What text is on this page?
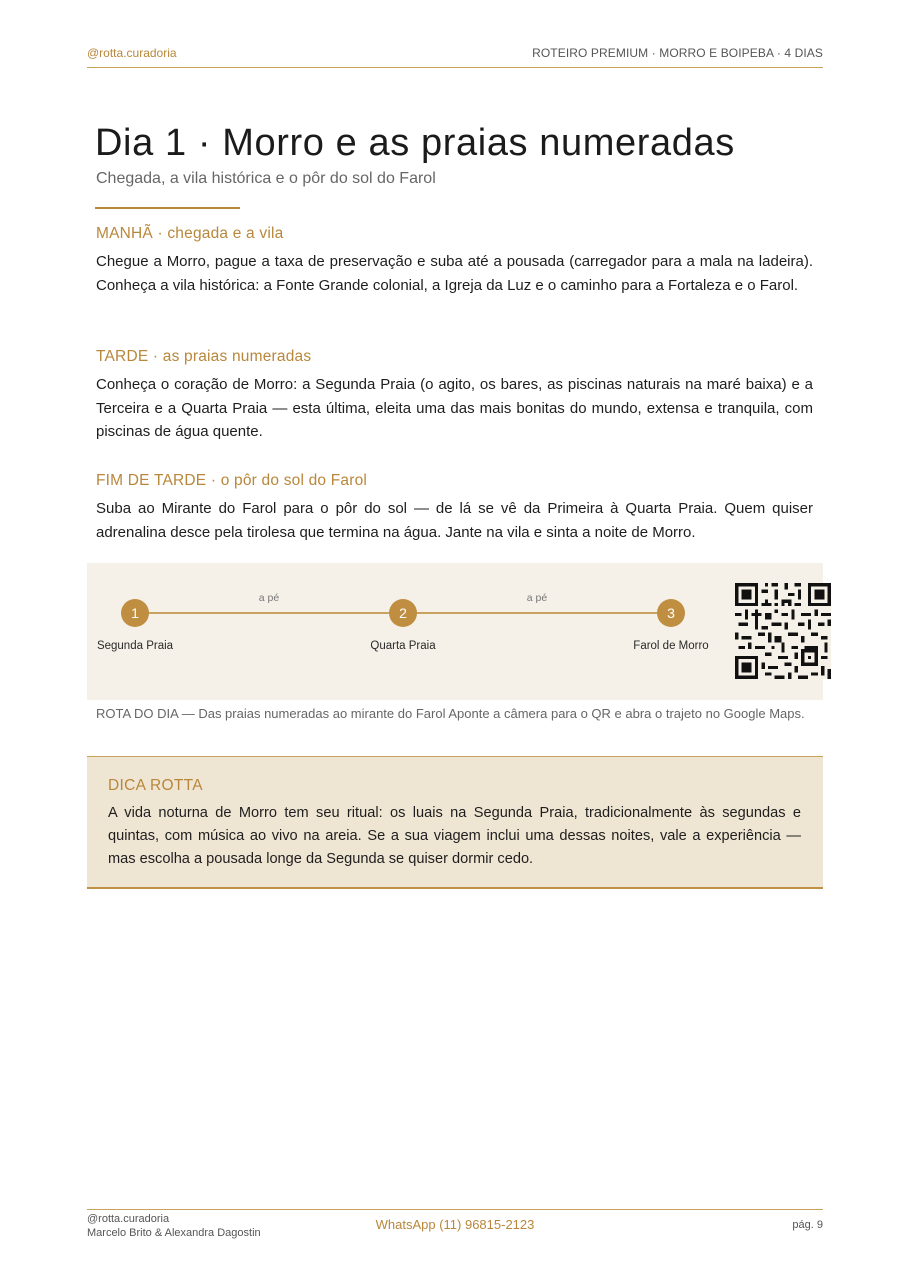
@rotta.curadoria	ROTEIRO PREMIUM · MORRO E BOIPEBA · 4 DIAS
Dia 1 · Morro e as praias numeradas
Chegada, a vila histórica e o pôr do sol do Farol
MANHÃ · chegada e a vila
Chegue a Morro, pague a taxa de preservação e suba até a pousada (carregador para a mala na ladeira). Conheça a vila histórica: a Fonte Grande colonial, a Igreja da Luz e o caminho para a Fortaleza e o Farol.
TARDE · as praias numeradas
Conheça o coração de Morro: a Segunda Praia (o agito, os bares, as piscinas naturais na maré baixa) e a Terceira e a Quarta Praia — esta última, eleita uma das mais bonitas do mundo, extensa e tranquila, com piscinas de água quente.
FIM DE TARDE · o pôr do sol do Farol
Suba ao Mirante do Farol para o pôr do sol — de lá se vê da Primeira à Quarta Praia. Quem quiser adrenalina desce pela tirolesa que termina na água. Jante na vila e sinta a noite de Morro.
a pé	a pé
1	2	3
Segunda Praia	Quarta Praia	Farol de Morro
ROTA DO DIA — Das praias numeradas ao mirante do Farol Aponte a câmera para o QR e abra o trajeto no Google Maps.
DICA ROTTA
A vida noturna de Morro tem seu ritual: os luais na Segunda Praia, tradicionalmente às segundas e quintas, com música ao vivo na areia. Se a sua viagem inclui uma dessas noites, vale a experiência — mas escolha a pousada longe da Segunda se quiser dormir cedo.
@rotta.curadoria
Marcelo Brito & Alexandra Dagostin
WhatsApp (11) 96815-2123	pág. 9
